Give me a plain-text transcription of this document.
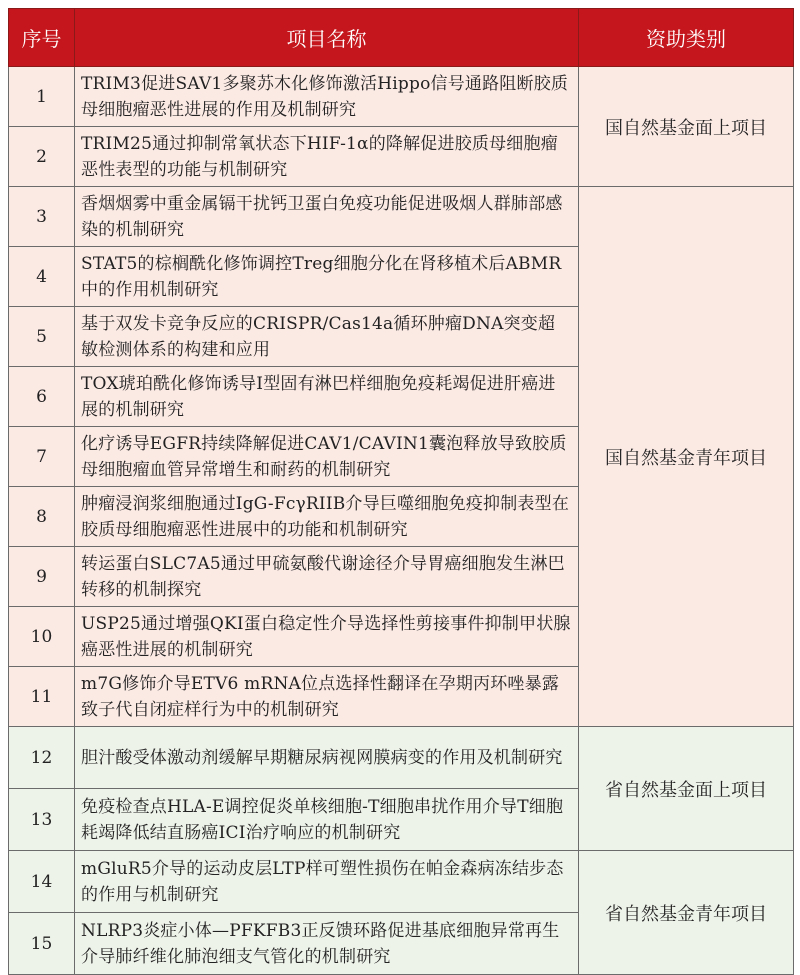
序号	项目名称	资助类别
1	TRIM3促进SAV1多聚苏木化修饰激活Hippo信号通路阻断胶质母细胞瘤恶性进展的作用及机制研究	国自然基金面上项目
2	TRIM25通过抑制常氧状态下HIF-1α的降解促进胶质母细胞瘤恶性表型的功能与机制研究	
3	香烟烟雾中重金属镉干扰钙卫蛋白免疫功能促进吸烟人群肺部感染的机制研究	国自然基金青年项目
4	STAT5的棕榈酰化修饰调控Treg细胞分化在肾移植术后ABMR中的作用机制研究	
5	基于双发卡竞争反应的CRISPR/Cas14a循环肿瘤DNA突变超敏检测体系的构建和应用	
6	TOX琥珀酰化修饰诱导I型固有淋巴样细胞免疫耗竭促进肝癌进展的机制研究	
7	化疗诱导EGFR持续降解促进CAV1/CAVIN1囊泡释放导致胶质母细胞瘤血管异常增生和耐药的机制研究	
8	肿瘤浸润浆细胞通过IgG-FcγRIIB介导巨噬细胞免疫抑制表型在胶质母细胞瘤恶性进展中的功能和机制研究	
9	转运蛋白SLC7A5通过甲硫氨酸代谢途径介导胃癌细胞发生淋巴转移的机制探究	
10	USP25通过增强QKI蛋白稳定性介导选择性剪接事件抑制甲状腺癌恶性进展的机制研究	
11	m7G修饰介导ETV6 mRNA位点选择性翻译在孕期丙环唑暴露致子代自闭症样行为中的机制研究	
12	胆汁酸受体激动剂缓解早期糖尿病视网膜病变的作用及机制研究	省自然基金面上项目
13	免疫检查点HLA-E调控促炎单核细胞-T细胞串扰作用介导T细胞耗竭降低结直肠癌ICI治疗响应的机制研究	
14	mGluR5介导的运动皮层LTP样可塑性损伤在帕金森病冻结步态的作用与机制研究	省自然基金青年项目
15	NLRP3炎症小体—PFKFB3正反馈环路促进基底细胞异常再生介导肺纤维化肺泡细支气管化的机制研究	
